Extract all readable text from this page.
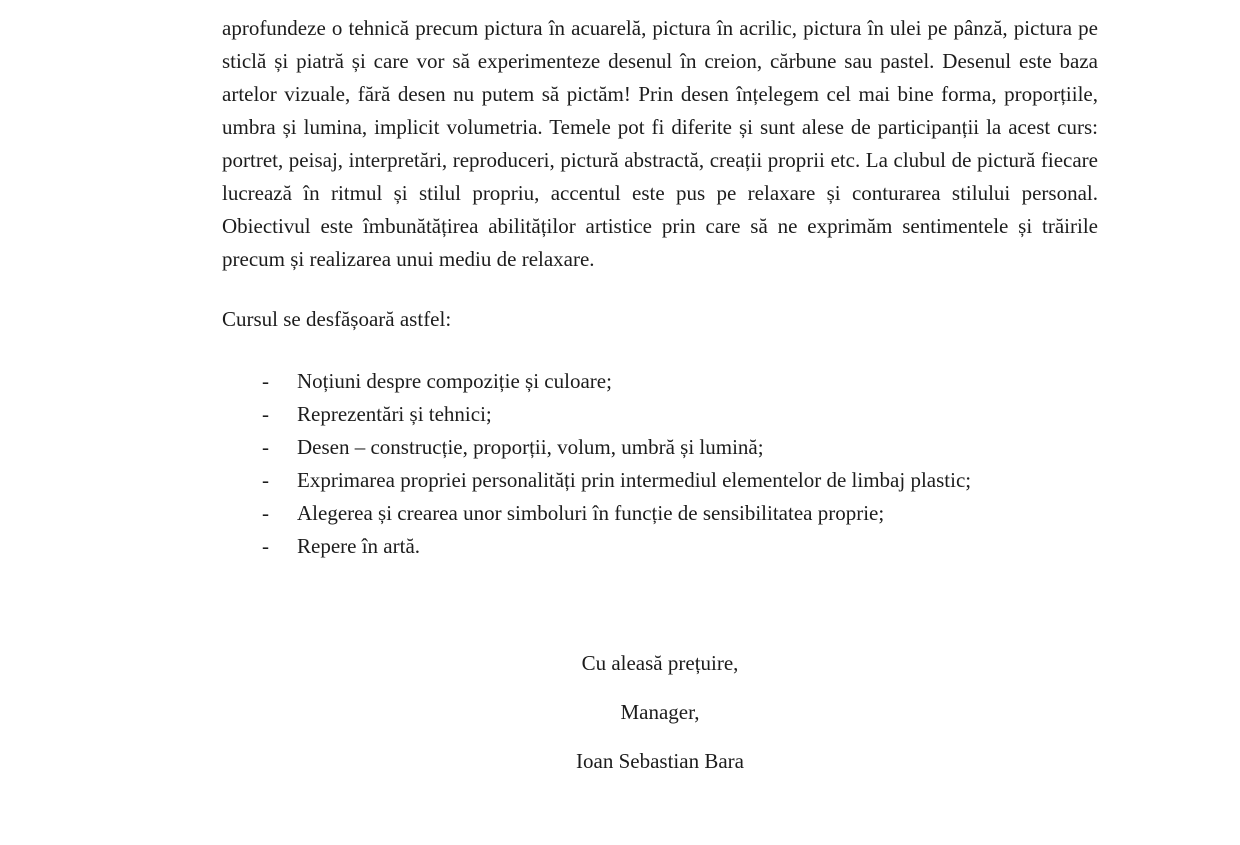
aprofundeze o tehnică precum pictura în acuarelă, pictura în acrilic, pictura în ulei pe pânză, pictura pe sticlă și piatră și care vor să experimenteze desenul în creion, cărbune sau pastel. Desenul este baza artelor vizuale, fără desen nu putem să pictăm! Prin desen înțelegem cel mai bine forma, proporțiile, umbra și lumina, implicit volumetria. Temele pot fi diferite și sunt alese de participanții la acest curs: portret, peisaj, interpretări, reproduceri, pictură abstractă, creații proprii etc. La clubul de pictură fiecare lucrează în ritmul și stilul propriu, accentul este pus pe relaxare și conturarea stilului personal. Obiectivul este îmbunătățirea abilităților artistice prin care să ne exprimăm sentimentele și trăirile precum și realizarea unui mediu de relaxare.

Cursul se desfășoară astfel:

-	Noțiuni despre compoziție și culoare;
-	Reprezentări și tehnici;
-	Desen – construcție, proporții, volum, umbră și lumină;
-	Exprimarea propriei personalități prin intermediul elementelor de limbaj plastic;
-	Alegerea și crearea unor simboluri în funcție de sensibilitatea proprie;
-	Repere în artă.

Cu aleasă prețuire,

Manager,

Ioan Sebastian Bara
